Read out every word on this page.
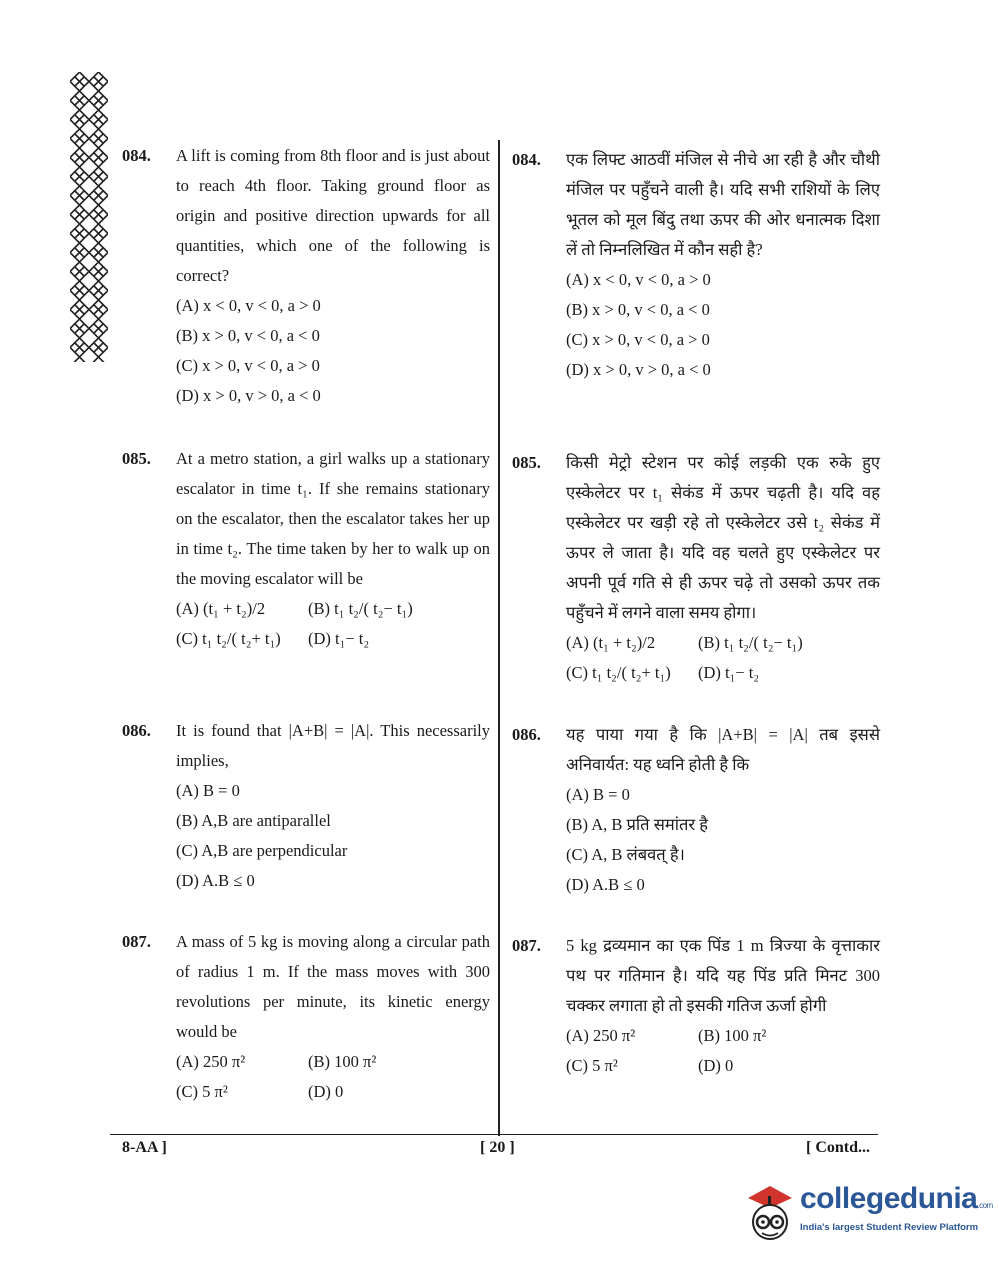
084. A lift is coming from 8th floor and is just about to reach 4th floor. Taking ground floor as origin and positive direction upwards for all quantities, which one of the following is correct?
(A) x < 0, v < 0, a > 0
(B) x > 0, v < 0, a < 0
(C) x > 0, v < 0, a > 0
(D) x > 0, v > 0, a < 0
085. At a metro station, a girl walks up a stationary escalator in time t₁. If she remains stationary on the escalator, then the escalator takes her up in time t₂. The time taken by her to walk up on the moving escalator will be
(A) (t₁ + t₂)/2	(B) t₁ t₂/( t₂− t₁)
(C) t₁ t₂/( t₂+ t₁)	(D) t₁− t₂
086. It is found that |A+B| = |A|. This necessarily implies,
(A) B = 0
(B) A,B are antiparallel
(C) A,B are perpendicular
(D) A.B ≤ 0
087. A mass of 5 kg is moving along a circular path of radius 1 m. If the mass moves with 300 revolutions per minute, its kinetic energy would be
(A) 250 π²	(B) 100 π²
(C) 5 π²	(D) 0
084. एक लिफ्ट आठवीं मंजिल से नीचे आ रही है और चौथी मंजिल पर पहुँचने वाली है। यदि सभी राशियों के लिए भूतल को मूल बिंदु तथा ऊपर की ओर धनात्मक दिशा लें तो निम्नलिखित में कौन सही है?
(A) x < 0, v < 0, a > 0
(B) x > 0, v < 0, a < 0
(C) x > 0, v < 0, a > 0
(D) x > 0, v > 0, a < 0
085. किसी मेट्रो स्टेशन पर कोई लड़की एक रुके हुए एस्केलेटर पर t₁ सेकंड में ऊपर चढ़ती है। यदि वह एस्केलेटर पर खड़ी रहे तो एस्केलेटर उसे t₂ सेकंड में ऊपर ले जाता है। यदि वह चलते हुए एस्केलेटर पर अपनी पूर्व गति से ही ऊपर चढ़े तो उसको ऊपर तक पहुँचने में लगने वाला समय होगा।
(A) (t₁ + t₂)/2	(B) t₁ t₂/( t₂− t₁)
(C) t₁ t₂/( t₂+ t₁)	(D) t₁− t₂
086. यह पाया गया है कि |A+B| = |A| तब इससे अनिवार्यत: यह ध्वनि होती है कि
(A) B = 0
(B) A, B प्रति समांतर है
(C) A, B लंबवत् है।
(D) A.B ≤ 0
087. 5 kg द्रव्यमान का एक पिंड 1 m त्रिज्या के वृत्ताकार पथ पर गतिमान है। यदि यह पिंड प्रति मिनट 300 चक्कर लगाता हो तो इसकी गतिज ऊर्जा होगी
(A) 250 π²	(B) 100 π²
(C) 5 π²	(D) 0
8-AA ]	[ 20 ]	[ Contd...
collegedunia.com
India's largest Student Review Platform
